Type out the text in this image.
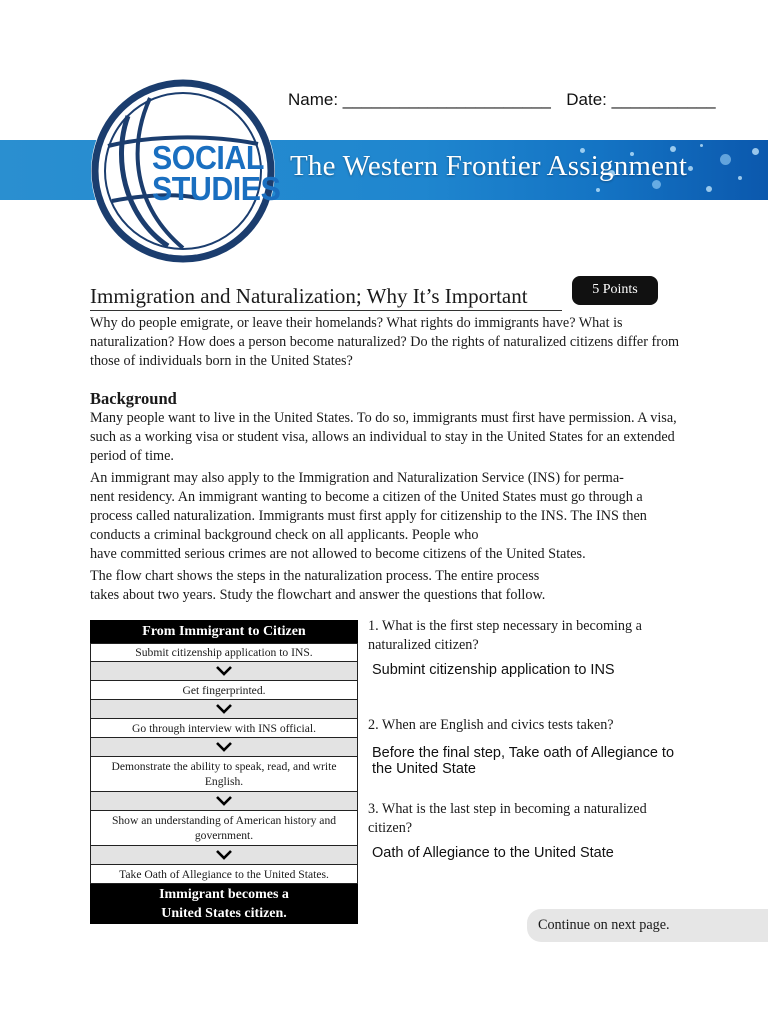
SOCIAL
STUDIES
The Western Frontier Assignment
Name: ______________________ Date: ___________
Immigration and Naturalization; Why It’s Important	5 Points

Why do people emigrate, or leave their homelands? What rights do immigrants have? What is naturalization? How does a person become naturalized? Do the rights of naturalized citizens differ from those of individuals born in the United States?

Background

Many people want to live in the United States. To do so, immigrants must first have permission. A visa, such as a working visa or student visa, allows an individual to stay in the United States for an extended period of time.

An immigrant may also apply to the Immigration and Naturalization Service (INS) for perma-

nent residency. An immigrant wanting to become a citizen of the United States must go through a

process called naturalization. Immigrants must first apply for citizenship to the INS. The INS then

conducts a criminal background check on all applicants. People who

have committed serious crimes are not allowed to become citizens of the United States.

The flow chart shows the steps in the naturalization process. The entire process

takes about two years. Study the flowchart and answer the questions that follow.

From Immigrant to Citizen
Submit citizenship application to INS.
Get fingerprinted.
Go through interview with INS official.
Demonstrate the ability to speak, read, and write English.
Show an understanding of American history and government.
Take Oath of Allegiance to the United States.
Immigrant becomes a
United States citizen.
1. What is the first step necessary in becoming a naturalized citizen?
Submint citizenship application to INS
2. When are English and civics tests taken?
Before the final step, Take oath of Allegiance to the United State
3. What is the last step in becoming a naturalized citizen?
Oath of Allegiance to the United State
Continue on next page.
